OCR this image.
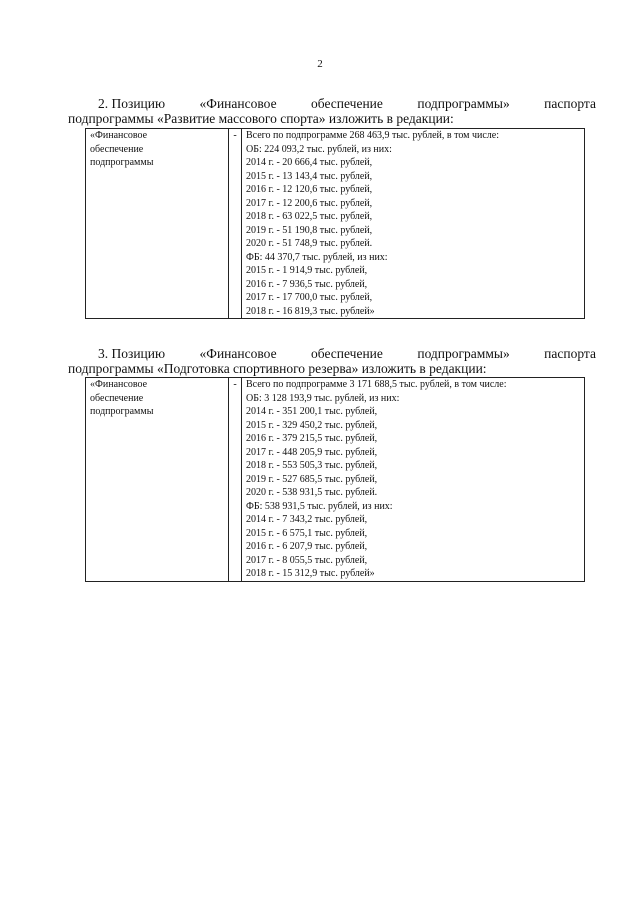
2
2. Позицию	«Финансовое	обеспечение	подпрограммы»	паспорта
подпрограммы «Развитие массового спорта» изложить в редакции:
«Финансовое
обеспечение
подпрограммы
	-	Всего по подпрограмме 268 463,9 тыс. рублей, в том числе:
ОБ: 224 093,2 тыс. рублей, из них:
2014 г. - 20 666,4 тыс. рублей,
2015 г. - 13 143,4 тыс. рублей,
2016 г. - 12 120,6 тыс. рублей,
2017 г. - 12 200,6 тыс. рублей,
2018 г. - 63 022,5 тыс. рублей,
2019 г. - 51 190,8 тыс. рублей,
2020 г. - 51 748,9 тыс. рублей.
ФБ: 44 370,7 тыс. рублей, из них:
2015 г. - 1 914,9 тыс. рублей,
2016 г. - 7 936,5 тыс. рублей,
2017 г. - 17 700,0 тыс. рублей,
2018 г. - 16 819,3 тыс. рублей»
3. Позицию	«Финансовое	обеспечение	подпрограммы»	паспорта
подпрограммы «Подготовка спортивного резерва» изложить в редакции:
«Финансовое
обеспечение
подпрограммы
	-	Всего по подпрограмме 3 171 688,5 тыс. рублей, в том числе:
ОБ: 3 128 193,9 тыс. рублей, из них:
2014 г. - 351 200,1 тыс. рублей,
2015 г. - 329 450,2 тыс. рублей,
2016 г. - 379 215,5 тыс. рублей,
2017 г. - 448 205,9 тыс. рублей,
2018 г. - 553 505,3 тыс. рублей,
2019 г. - 527 685,5 тыс. рублей,
2020 г. - 538 931,5 тыс. рублей.
ФБ: 538 931,5 тыс. рублей, из них:
2014 г. - 7 343,2 тыс. рублей,
2015 г. - 6 575,1 тыс. рублей,
2016 г. - 6 207,9 тыс. рублей,
2017 г. - 8 055,5 тыс. рублей,
2018 г. - 15 312,9 тыс. рублей»
